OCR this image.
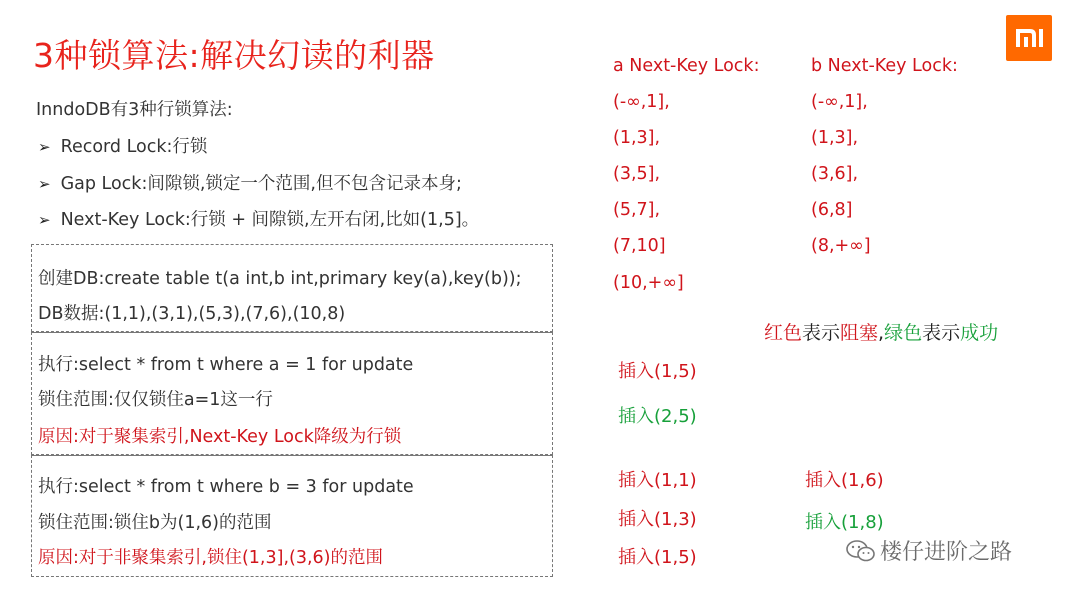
3种锁算法:解决幻读的利器
InndoDB有3种行锁算法:
➢ Record Lock:行锁
➢ Gap Lock:间隙锁,锁定一个范围,但不包含记录本身;
➢ Next-Key Lock:行锁 + 间隙锁,左开右闭,比如(1,5]。
创建DB:create table t(a int,b int,primary key(a),key(b));
DB数据:(1,1),(3,1),(5,3),(7,6),(10,8)
执行:select * from t where a = 1 for update
锁住范围:仅仅锁住a=1这一行
原因:对于聚集索引,Next-Key Lock降级为行锁
执行:select * from t where b = 3 for update
锁住范围:锁住b为(1,6)的范围
原因:对于非聚集索引,锁住(1,3],(3,6)的范围
a Next-Key Lock:
(-∞,1],
(1,3],
(3,5],
(5,7],
(7,10]
(10,+∞]
b Next-Key Lock:
(-∞,1],
(1,3],
(3,6],
(6,8]
(8,+∞]
红色表示阻塞,绿色表示成功
插入(1,5)
插入(2,5)
插入(1,1)
插入(1,3)
插入(1,5)
插入(1,6)
插入(1,8)
楼仔进阶之路
